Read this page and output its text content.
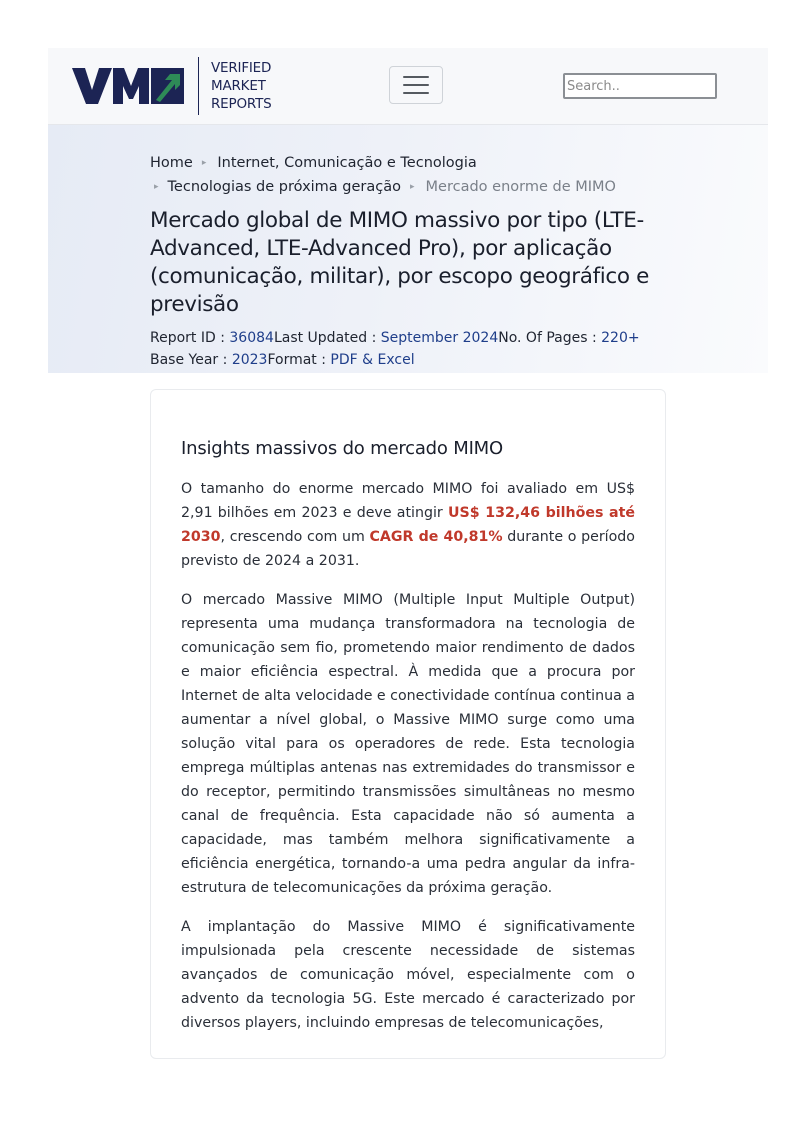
VERIFIED
MARKET
REPORTS
Search..
Home ▸ Internet, Comunicação e Tecnologia
▸ Tecnologias de próxima geração ▸ Mercado enorme de MIMO
Mercado global de MIMO massivo por tipo (LTE-Advanced, LTE-Advanced Pro), por aplicação (comunicação, militar), por escopo geográfico e previsão
Report ID : 36084Last Updated : September 2024No. Of Pages : 220+
Base Year : 2023Format : PDF & Excel
Insights massivos do mercado MIMO

O tamanho do enorme mercado MIMO foi avaliado em US$ 2,91 bilhões em 2023 e deve atingir US$ 132,46 bilhões até 2030, crescendo com um CAGR de 40,81% durante o período previsto de 2024 a 2031.

O mercado Massive MIMO (Multiple Input Multiple Output) representa uma mudança transformadora na tecnologia de comunicação sem fio, prometendo maior rendimento de dados e maior eficiência espectral. À medida que a procura por Internet de alta velocidade e conectividade contínua continua a aumentar a nível global, o Massive MIMO surge como uma solução vital para os operadores de rede. Esta tecnologia emprega múltiplas antenas nas extremidades do transmissor e do receptor, permitindo transmissões simultâneas no mesmo canal de frequência. Esta capacidade não só aumenta a capacidade, mas também melhora significativamente a eficiência energética, tornando-a uma pedra angular da infra-estrutura de telecomunicações da próxima geração.

A implantação do Massive MIMO é significativamente impulsionada pela crescente necessidade de sistemas avançados de comunicação móvel, especialmente com o advento da tecnologia 5G. Este mercado é caracterizado por diversos players, incluindo empresas de telecomunicações,
